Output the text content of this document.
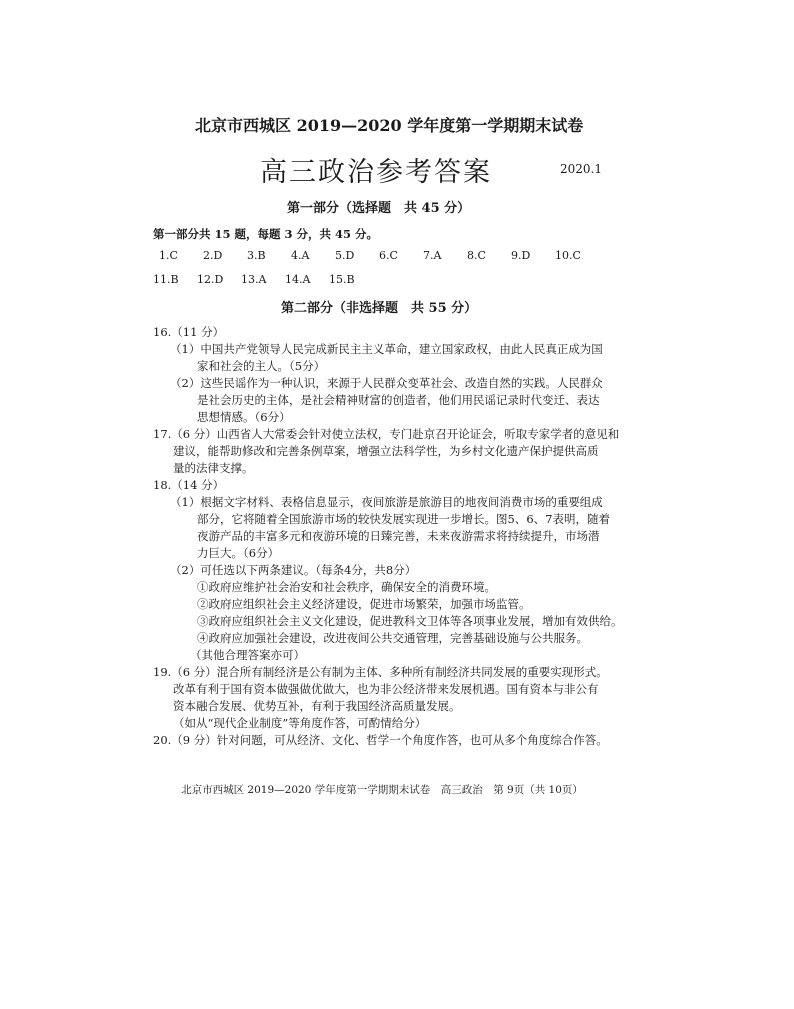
北京市西城区 2019—2020 学年度第一学期期末试卷
高三政治参考答案	2020.1
第一部分（选择题　共 45 分）
第一部分共 15 题，每题 3 分，共 45 分。
1.C 2.D 3.B 4.A 5.D 6.C 7.A 8.C 9.D 10.C
11.B 12.D 13.A 14.A 15.B
第二部分（非选择题　共 55 分）
16.（11 分）
（1）中国共产党领导人民完成新民主主义革命，建立国家政权，由此人民真正成为国
家和社会的主人。（5分）
（2）这些民谣作为一种认识，来源于人民群众变革社会、改造自然的实践。人民群众
是社会历史的主体，是社会精神财富的创造者，他们用民谣记录时代变迁、表达
思想情感。（6分）
17.（6 分）山西省人大常委会针对使立法权，专门赴京召开论证会，听取专家学者的意见和
建议，能帮助修改和完善条例草案，增强立法科学性，为乡村文化遗产保护提供高质
量的法律支撑。
18.（14 分）
（1）根据文字材料、表格信息显示，夜间旅游是旅游目的地夜间消费市场的重要组成
部分，它将随着全国旅游市场的较快发展实现进一步增长。图5、6、7表明，随着
夜游产品的丰富多元和夜游环境的日臻完善，未来夜游需求将持续提升，市场潜
力巨大。（6分）
（2）可任选以下两条建议。（每条4分，共8分）
①政府应维护社会治安和社会秩序，确保安全的消费环境。
②政府应组织社会主义经济建设，促进市场繁荣，加强市场监管。
③政府应组织社会主义文化建设，促进教科文卫体等各项事业发展，增加有效供给。
④政府应加强社会建设，改进夜间公共交通管理，完善基础设施与公共服务。
（其他合理答案亦可）
19.（6 分）混合所有制经济是公有制为主体、多种所有制经济共同发展的重要实现形式。
改革有利于国有资本做强做优做大，也为非公经济带来发展机遇。国有资本与非公有
资本融合发展、优势互补，有利于我国经济高质量发展。
（如从“现代企业制度”等角度作答，可酌情给分）
20.（9 分）针对问题，可从经济、文化、哲学一个角度作答，也可从多个角度综合作答。
北京市西城区 2019—2020 学年度第一学期期末试卷　高三政治　第 9页（共 10页）
